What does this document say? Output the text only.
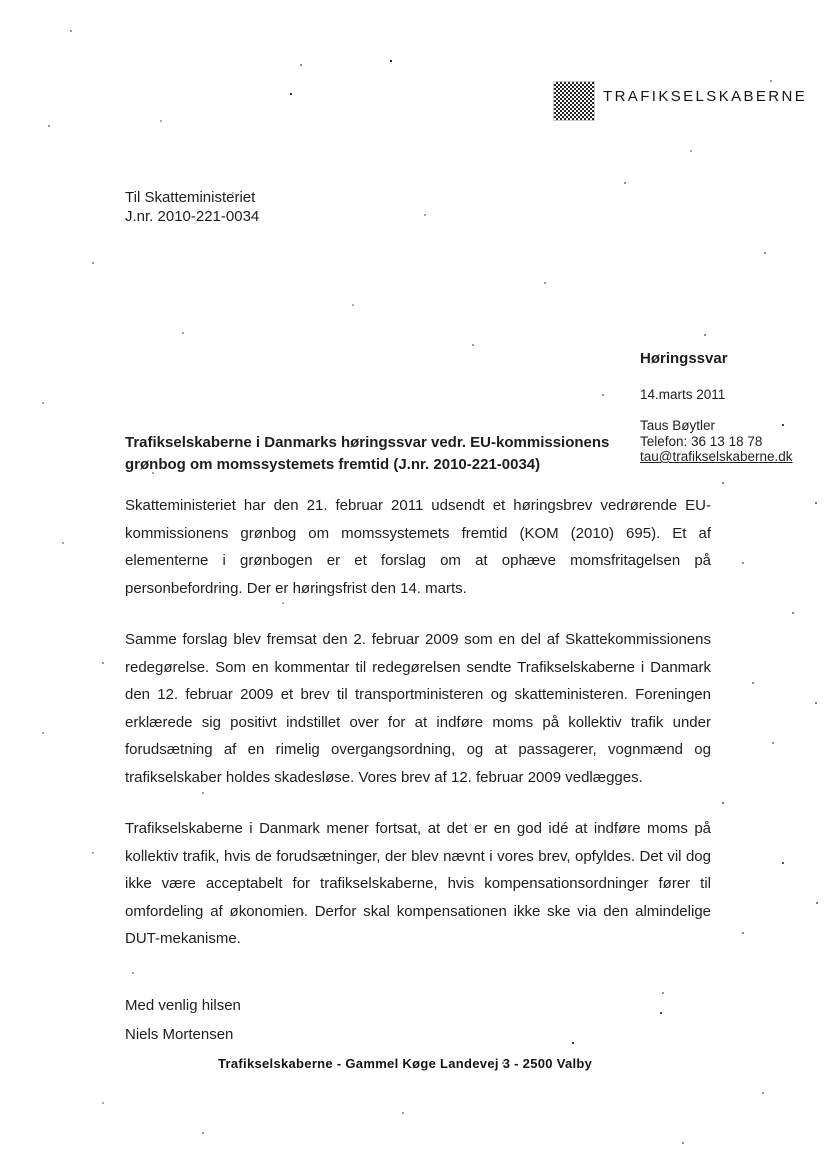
TRAFIKSELSKABERNE
Til Skatteministeriet
J.nr. 2010-221-0034

Høringssvar

14.marts 2011

Taus Bøytler
Telefon: 36 13 18 78
tau@trafikselskaberne.dk
Trafikselskaberne i Danmarks høringssvar vedr. EU-kommissionens grønbog om momssystemets fremtid (J.nr. 2010-221-0034)

Skatteministeriet har den 21. februar 2011 udsendt et høringsbrev vedrørende EU-kommissionens grønbog om momssystemets fremtid (KOM (2010) 695). Et af elementerne i grønbogen er et forslag om at ophæve momsfritagelsen på personbefordring. Der er høringsfrist den 14. marts.

Samme forslag blev fremsat den 2. februar 2009 som en del af Skattekommissionens redegørelse. Som en kommentar til redegørelsen sendte Trafikselskaberne i Danmark den 12. februar 2009 et brev til transportministeren og skatteministeren. Foreningen erklærede sig positivt indstillet over for at indføre moms på kollektiv trafik under forudsætning af en rimelig overgangsordning, og at passagerer, vognmænd og trafikselskaber holdes skadesløse. Vores brev af 12. februar 2009 vedlægges.

Trafikselskaberne i Danmark mener fortsat, at det er en god idé at indføre moms på kollektiv trafik, hvis de forudsætninger, der blev nævnt i vores brev, opfyldes. Det vil dog ikke være acceptabelt for trafikselskaberne, hvis kompensationsordninger fører til omfordeling af økonomien. Derfor skal kompensationen ikke ske via den almindelige DUT-mekanisme.

Med venlig hilsen
Niels Mortensen
Trafikselskaberne - Gammel Køge Landevej 3 - 2500 Valby
